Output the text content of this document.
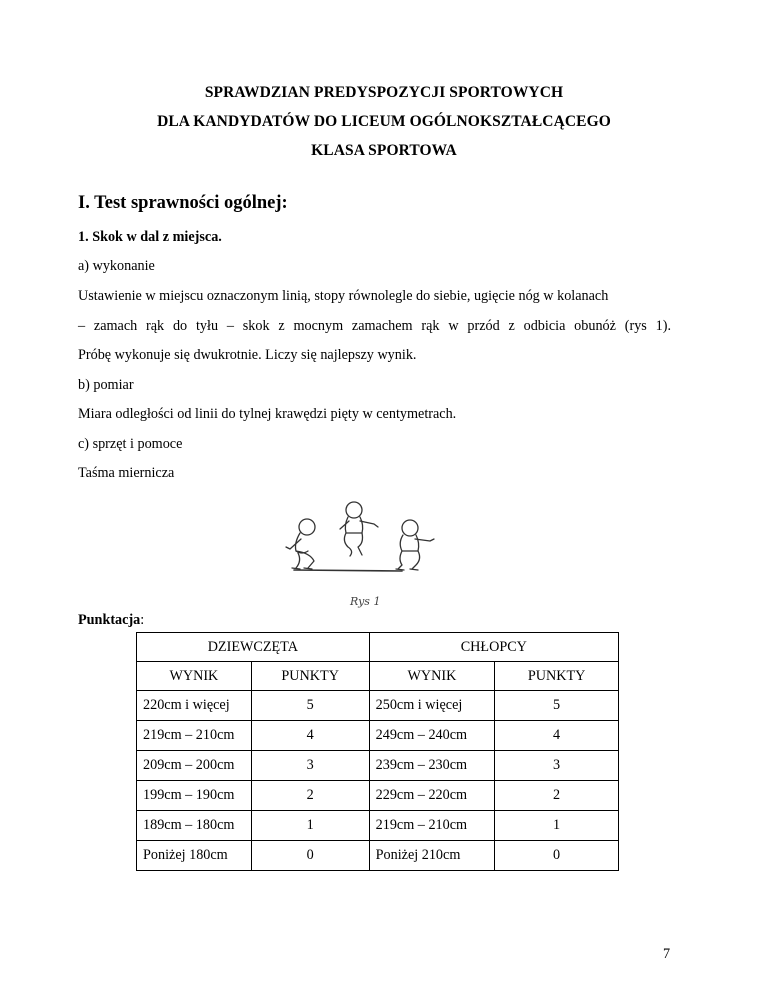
SPRAWDZIAN PREDYSPOZYCJI SPORTOWYCH
DLA KANDYDATÓW DO LICEUM OGÓLNOKSZTAŁCĄCEGO
KLASA SPORTOWA
I. Test sprawności ogólnej:
1. Skok w dal z miejsca.
a) wykonanie
Ustawienie w miejscu oznaczonym linią, stopy równolegle do siebie, ugięcie nóg w kolanach
– zamach rąk do tyłu – skok z mocnym zamachem rąk w przód z odbicia obunóż (rys 1).
Próbę wykonuje się dwukrotnie. Liczy się najlepszy wynik.
b) pomiar
Miara odległości od linii do tylnej krawędzi pięty w centymetrach.
c) sprzęt i pomoce
Taśma miernicza
Rys 1
Punktacja:
DZIEWCZĘTA		CHŁOPCY	
WYNIK	PUNKTY	WYNIK	PUNKTY
220cm i więcej	5	250cm i więcej	5
219cm – 210cm	4	249cm – 240cm	4
209cm – 200cm	3	239cm – 230cm	3
199cm – 190cm	2	229cm – 220cm	2
189cm – 180cm	1	219cm – 210cm	1
Poniżej 180cm	0	Poniżej 210cm	0
7
